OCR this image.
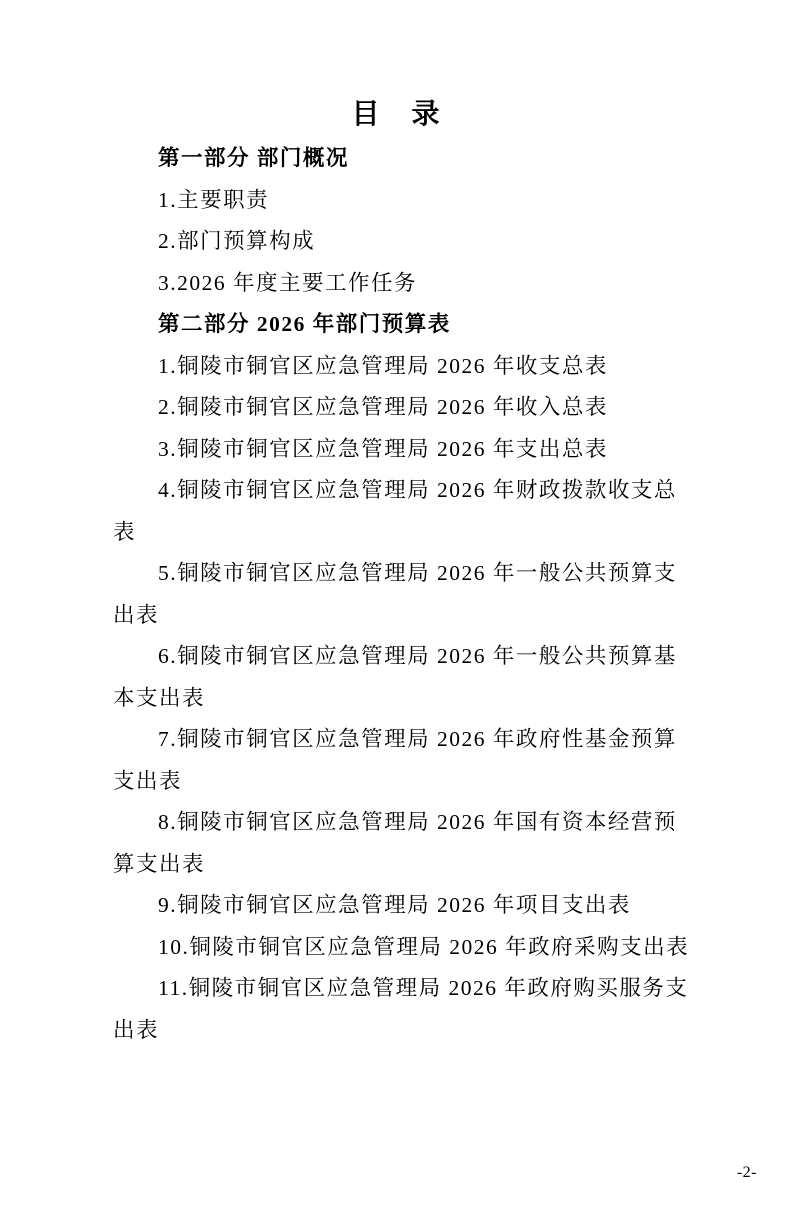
目　录

第一部分 部门概况

1.主要职责

2.部门预算构成

3.2026 年度主要工作任务

第二部分 2026 年部门预算表

1.铜陵市铜官区应急管理局 2026 年收支总表

2.铜陵市铜官区应急管理局 2026 年收入总表

3.铜陵市铜官区应急管理局 2026 年支出总表

4.铜陵市铜官区应急管理局 2026 年财政拨款收支总表

5.铜陵市铜官区应急管理局 2026 年一般公共预算支出表

6.铜陵市铜官区应急管理局 2026 年一般公共预算基本支出表

7.铜陵市铜官区应急管理局 2026 年政府性基金预算支出表

8.铜陵市铜官区应急管理局 2026 年国有资本经营预算支出表

9.铜陵市铜官区应急管理局 2026 年项目支出表

10.铜陵市铜官区应急管理局 2026 年政府采购支出表

11.铜陵市铜官区应急管理局 2026 年政府购买服务支出表

-2-
